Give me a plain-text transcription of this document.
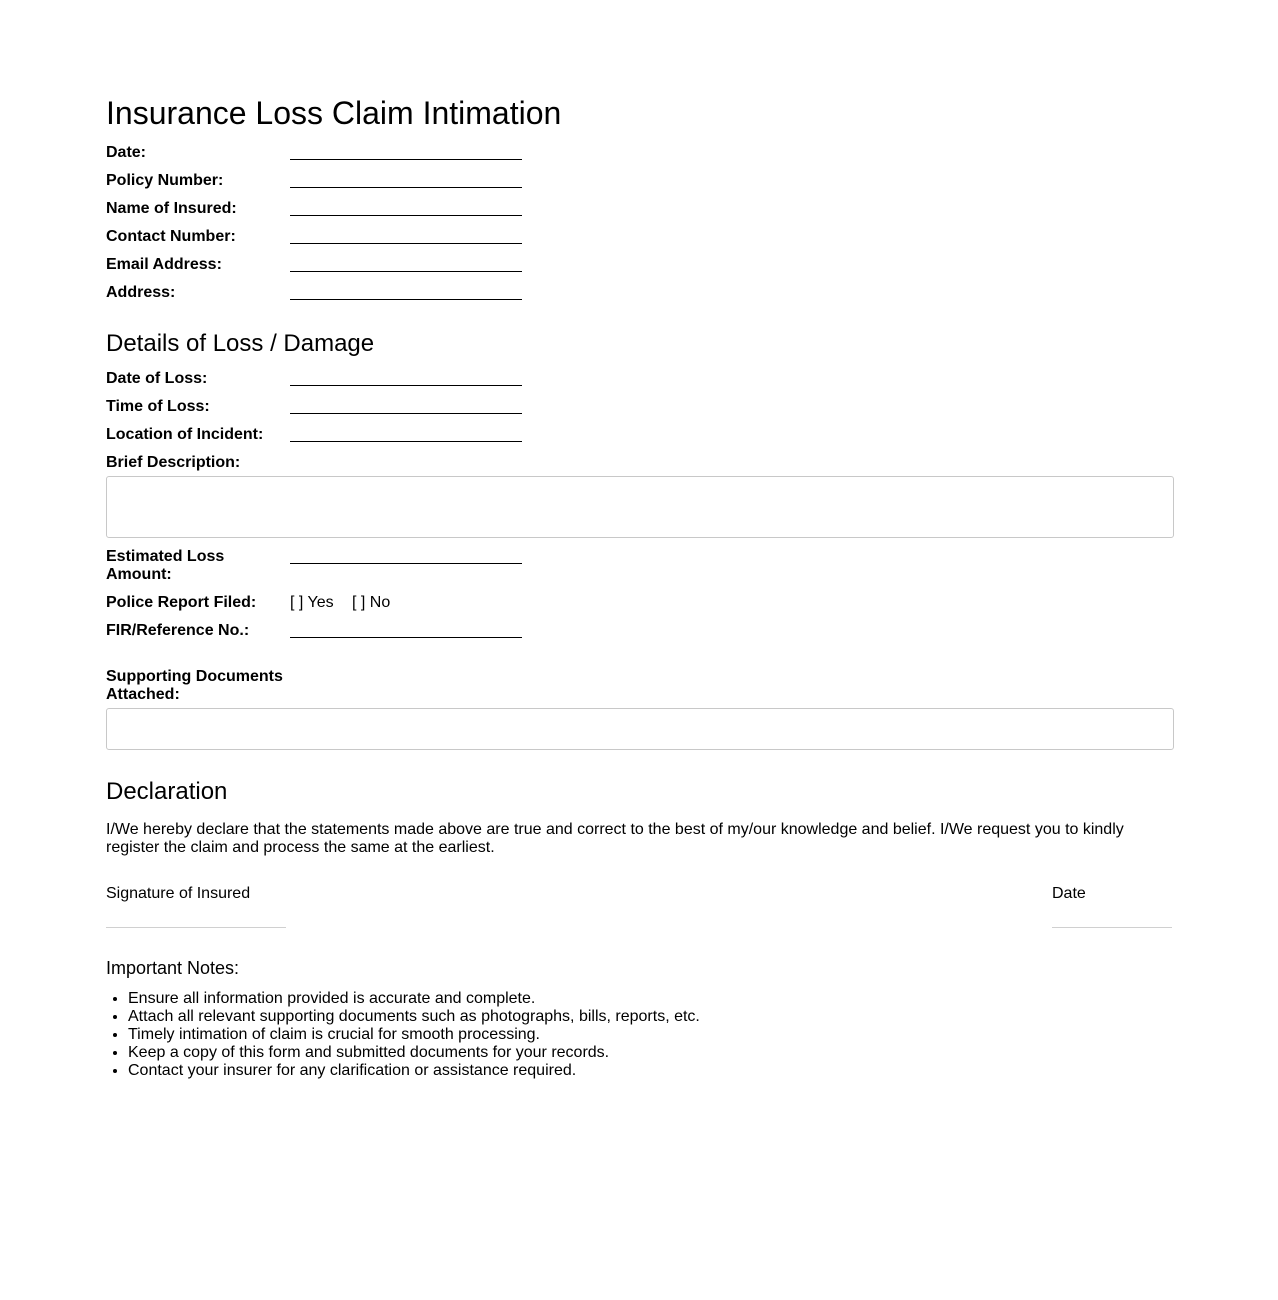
Insurance Loss Claim Intimation
Date:
Policy Number:
Name of Insured:
Contact Number:
Email Address:
Address:
Details of Loss / Damage
Date of Loss:
Time of Loss:
Location of Incident:
Brief Description:
Estimated Loss Amount:
Police Report Filed:	[ ] Yes [ ] No
FIR/Reference No.:
Supporting Documents Attached:
Declaration

I/We hereby declare that the statements made above are true and correct to the best of my/our knowledge and belief. I/We request you to kindly register the claim and process the same at the earliest.

Signature of Insured	Date
Important Notes:
• Ensure all information provided is accurate and complete.
• Attach all relevant supporting documents such as photographs, bills, reports, etc.
• Timely intimation of claim is crucial for smooth processing.
• Keep a copy of this form and submitted documents for your records.
• Contact your insurer for any clarification or assistance required.
